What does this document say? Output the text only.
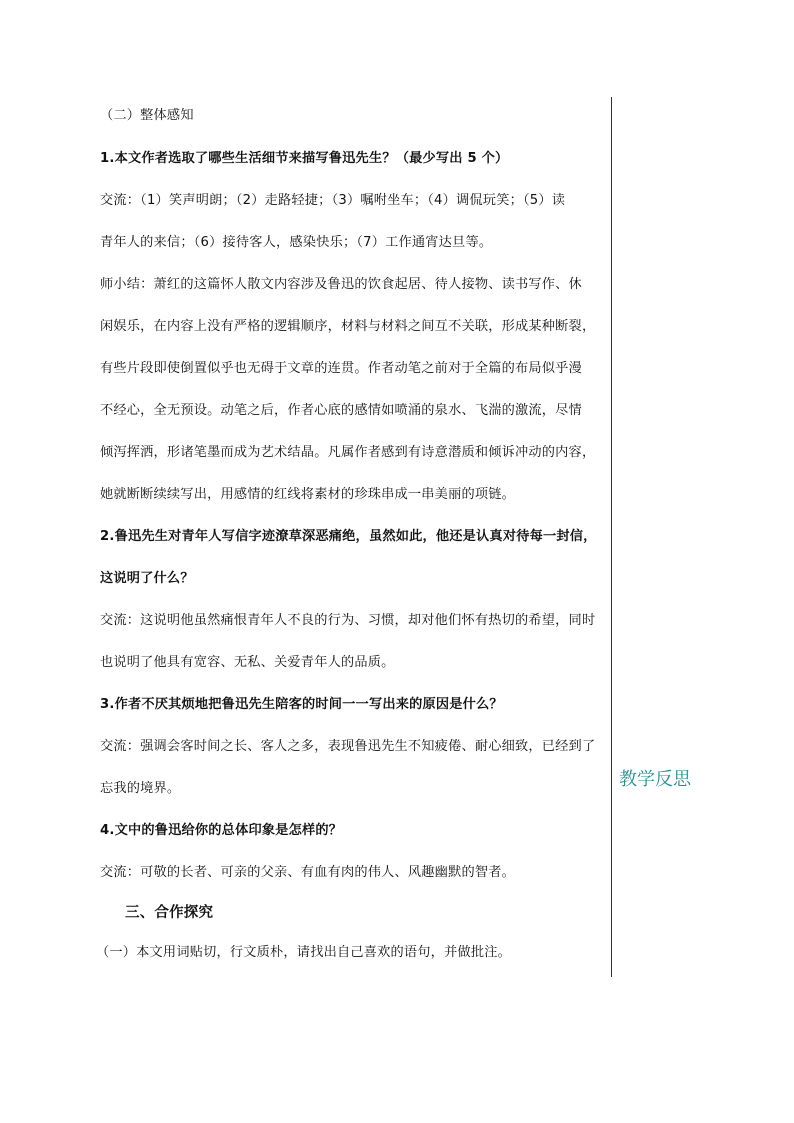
（二）整体感知
1.本文作者选取了哪些生活细节来描写鲁迅先生？（最少写出 5 个）
交流：（1）笑声明朗；（2）走路轻捷；（3）嘱咐坐车；（4）调侃玩笑；（5）读
青年人的来信；（6）接待客人，感染快乐；（7）工作通宵达旦等。
师小结：萧红的这篇怀人散文内容涉及鲁迅的饮食起居、待人接物、读书写作、休
闲娱乐，在内容上没有严格的逻辑顺序，材料与材料之间互不关联，形成某种断裂，
有些片段即使倒置似乎也无碍于文章的连贯。作者动笔之前对于全篇的布局似乎漫
不经心，全无预设。动笔之后，作者心底的感情如喷涌的泉水、飞湍的激流，尽情
倾泻挥洒，形诸笔墨而成为艺术结晶。凡属作者感到有诗意潜质和倾诉冲动的内容，
她就断断续续写出，用感情的红线将素材的珍珠串成一串美丽的项链。
2.鲁迅先生对青年人写信字迹潦草深恶痛绝，虽然如此，他还是认真对待每一封信，
这说明了什么？
交流：这说明他虽然痛恨青年人不良的行为、习惯，却对他们怀有热切的希望，同时
也说明了他具有宽容、无私、关爱青年人的品质。
3.作者不厌其烦地把鲁迅先生陪客的时间一一写出来的原因是什么？
交流：强调会客时间之长、客人之多，表现鲁迅先生不知疲倦、耐心细致，已经到了
忘我的境界。
4.文中的鲁迅给你的总体印象是怎样的？
交流：可敬的长者、可亲的父亲、有血有肉的伟人、风趣幽默的智者。
三、合作探究
（一）本文用词贴切，行文质朴，请找出自己喜欢的语句，并做批注。
教学反思
